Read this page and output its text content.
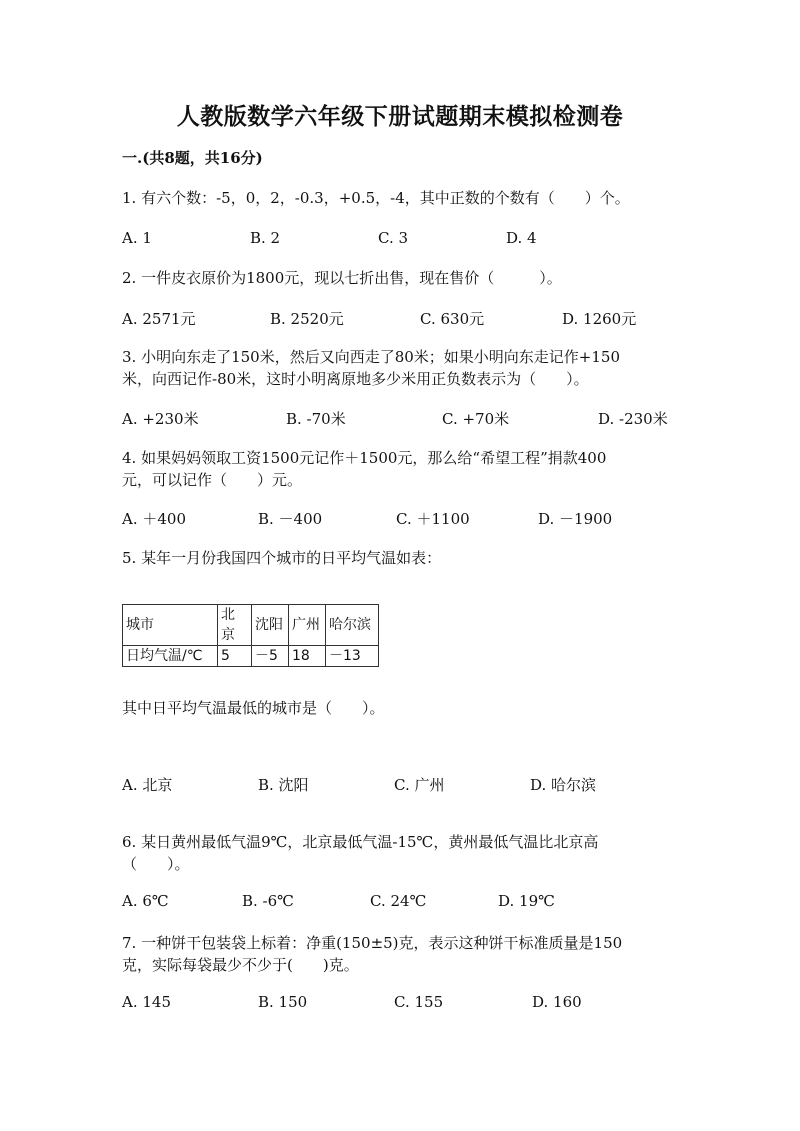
人教版数学六年级下册试题期末模拟检测卷
一.(共8题，共16分)
1. 有六个数：-5，0，2，-0.3，+0.5，-4，其中正数的个数有（　　）个。
A. 1	B. 2	C. 3	D. 4
2. 一件皮衣原价为1800元，现以七折出售，现在售价（　　　）。
A. 2571元	B. 2520元	C. 630元	D. 1260元
3. 小明向东走了150米，然后又向西走了80米；如果小明向东走记作+150
米，向西记作-80米，这时小明离原地多少米用正负数表示为（　　）。
A. +230米	B. -70米	C. +70米	D. -230米
4. 如果妈妈领取工资1500元记作＋1500元，那么给“希望工程”捐款400
元，可以记作（　　）元。
A. ＋400	B. －400	C. ＋1100	D. －1900
5. 某年一月份我国四个城市的日平均气温如表：
城市	北京	沈阳	广州	哈尔滨
日均气温/℃	5	－5	18	－13
其中日平均气温最低的城市是（　　）。
A. 北京	B. 沈阳	C. 广州	D. 哈尔滨
6. 某日黄州最低气温9℃，北京最低气温-15℃，黄州最低气温比北京高
（　　）。
A. 6℃	B. -6℃	C. 24℃	D. 19℃
7. 一种饼干包装袋上标着：净重(150±5)克，表示这种饼干标准质量是150
克，实际每袋最少不少于(　　)克。
A. 145	B. 150	C. 155	D. 160
